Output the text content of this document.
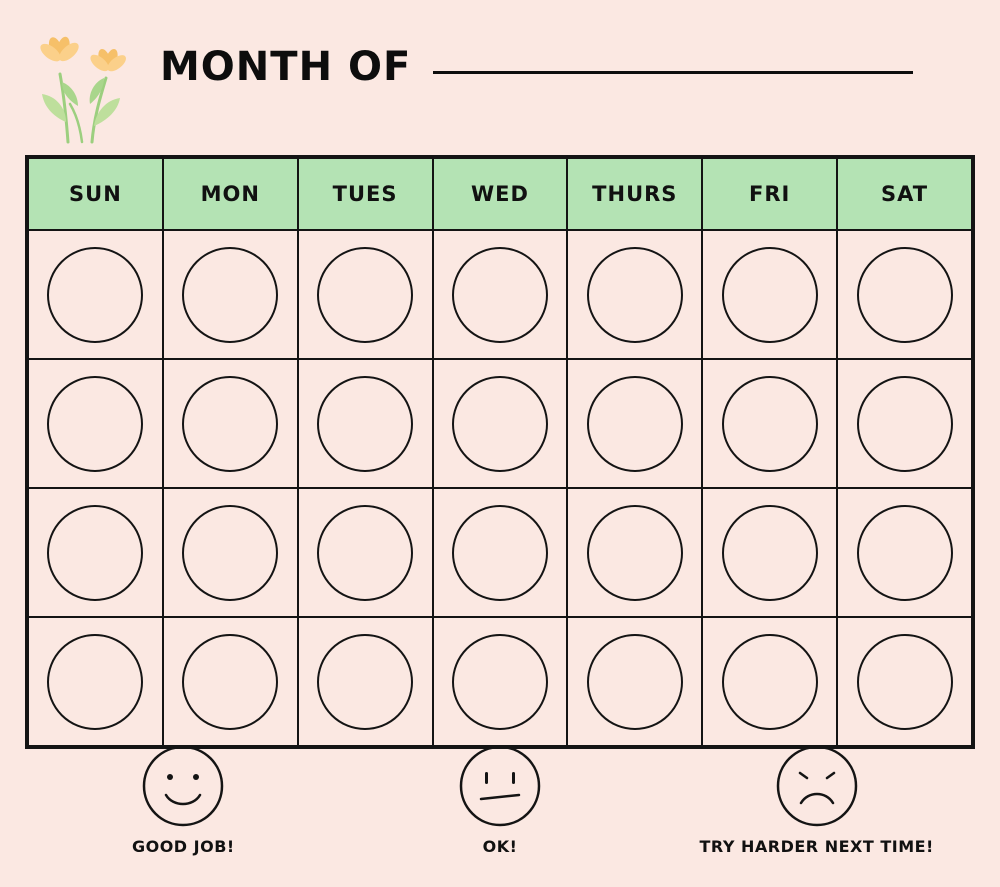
MONTH OF
SUN	MON	TUES	WED	THURS	FRI	SAT

GOOD JOB!	OK!	TRY HARDER NEXT TIME!
